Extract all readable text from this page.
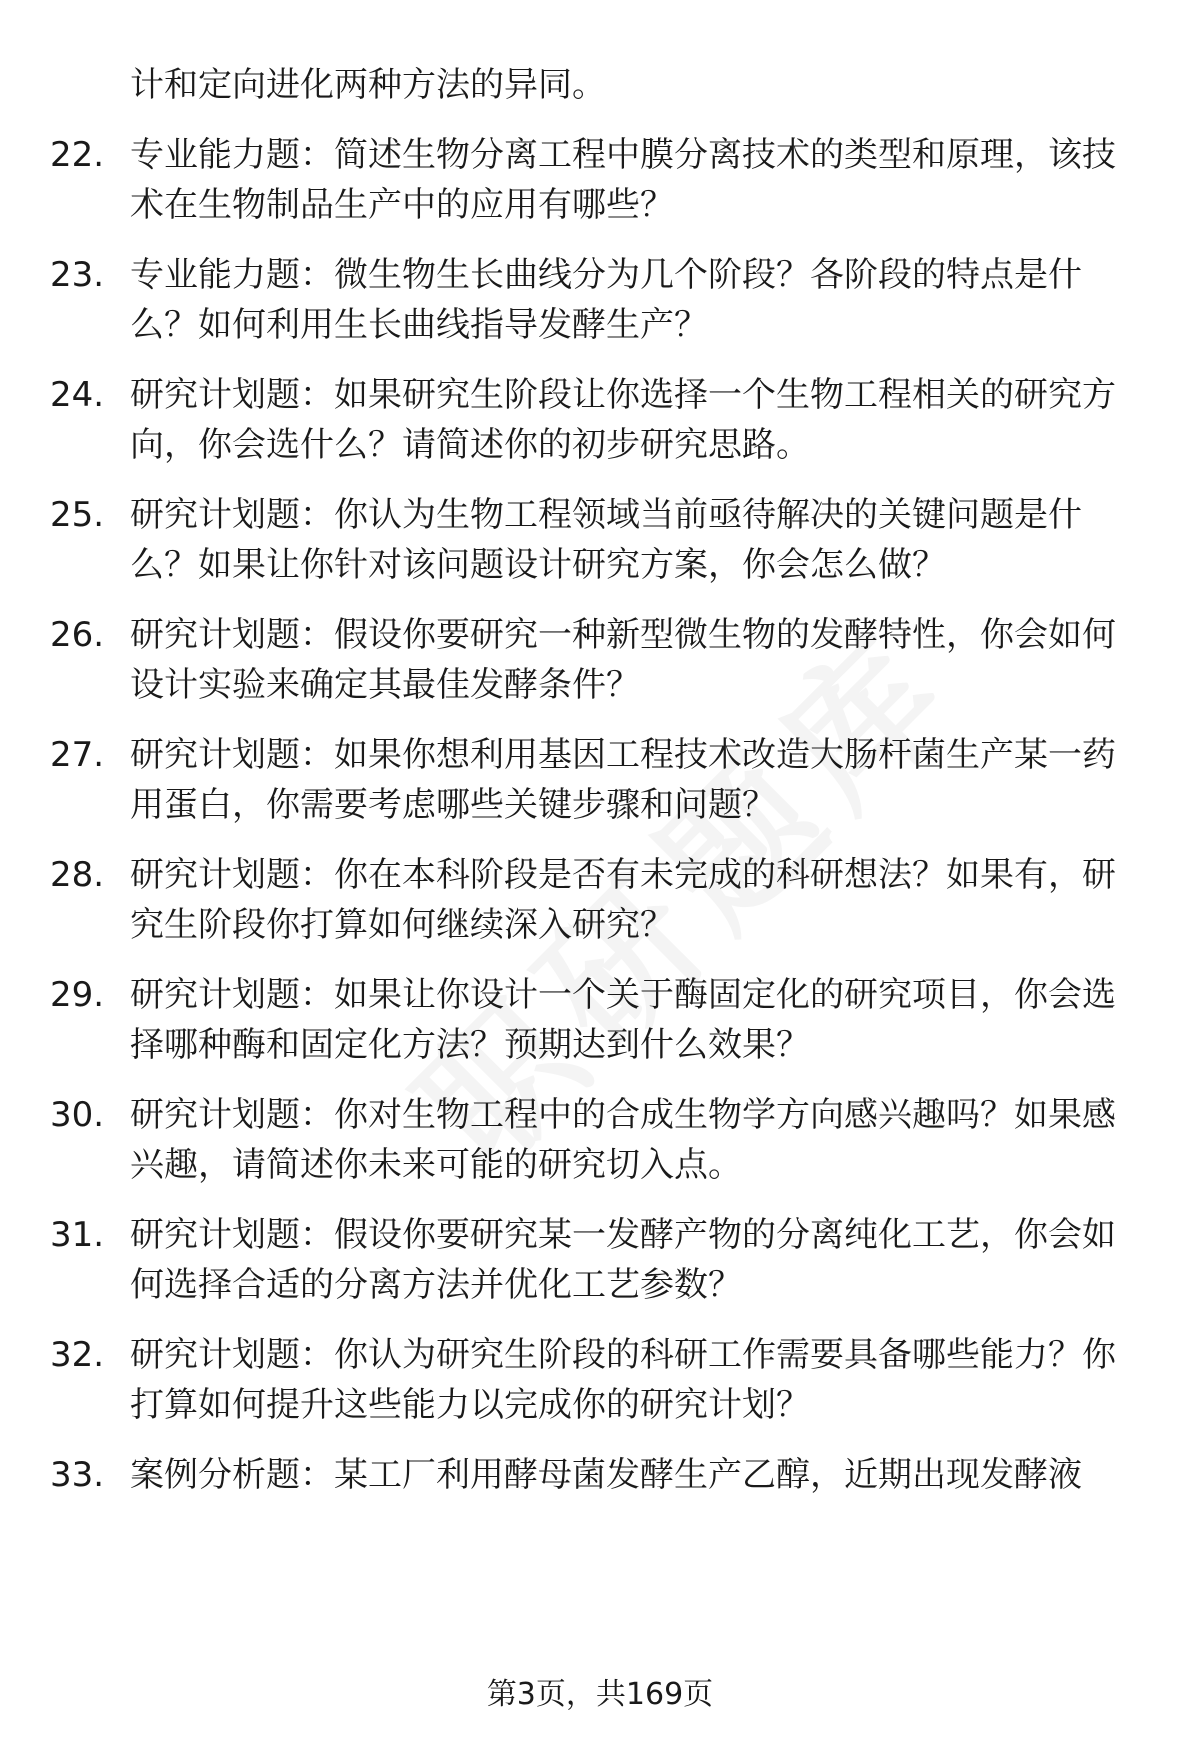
计和定向进化两种方法的异同。
22. 专业能力题：简述生物分离工程中膜分离技术的类型和原理，该技术在生物制品生产中的应用有哪些？
23. 专业能力题：微生物生长曲线分为几个阶段？各阶段的特点是什么？如何利用生长曲线指导发酵生产？
24. 研究计划题：如果研究生阶段让你选择一个生物工程相关的研究方向，你会选什么？请简述你的初步研究思路。
25. 研究计划题：你认为生物工程领域当前亟待解决的关键问题是什么？如果让你针对该问题设计研究方案，你会怎么做？
26. 研究计划题：假设你要研究一种新型微生物的发酵特性，你会如何设计实验来确定其最佳发酵条件？
27. 研究计划题：如果你想利用基因工程技术改造大肠杆菌生产某一药用蛋白，你需要考虑哪些关键步骤和问题？
28. 研究计划题：你在本科阶段是否有未完成的科研想法？如果有，研究生阶段你打算如何继续深入研究？
29. 研究计划题：如果让你设计一个关于酶固定化的研究项目，你会选择哪种酶和固定化方法？预期达到什么效果？
30. 研究计划题：你对生物工程中的合成生物学方向感兴趣吗？如果感兴趣，请简述你未来可能的研究切入点。
31. 研究计划题：假设你要研究某一发酵产物的分离纯化工艺，你会如何选择合适的分离方法并优化工艺参数？
32. 研究计划题：你认为研究生阶段的科研工作需要具备哪些能力？你打算如何提升这些能力以完成你的研究计划？
33. 案例分析题：某工厂利用酵母菌发酵生产乙醇，近期出现发酵液
第3页，共169页
